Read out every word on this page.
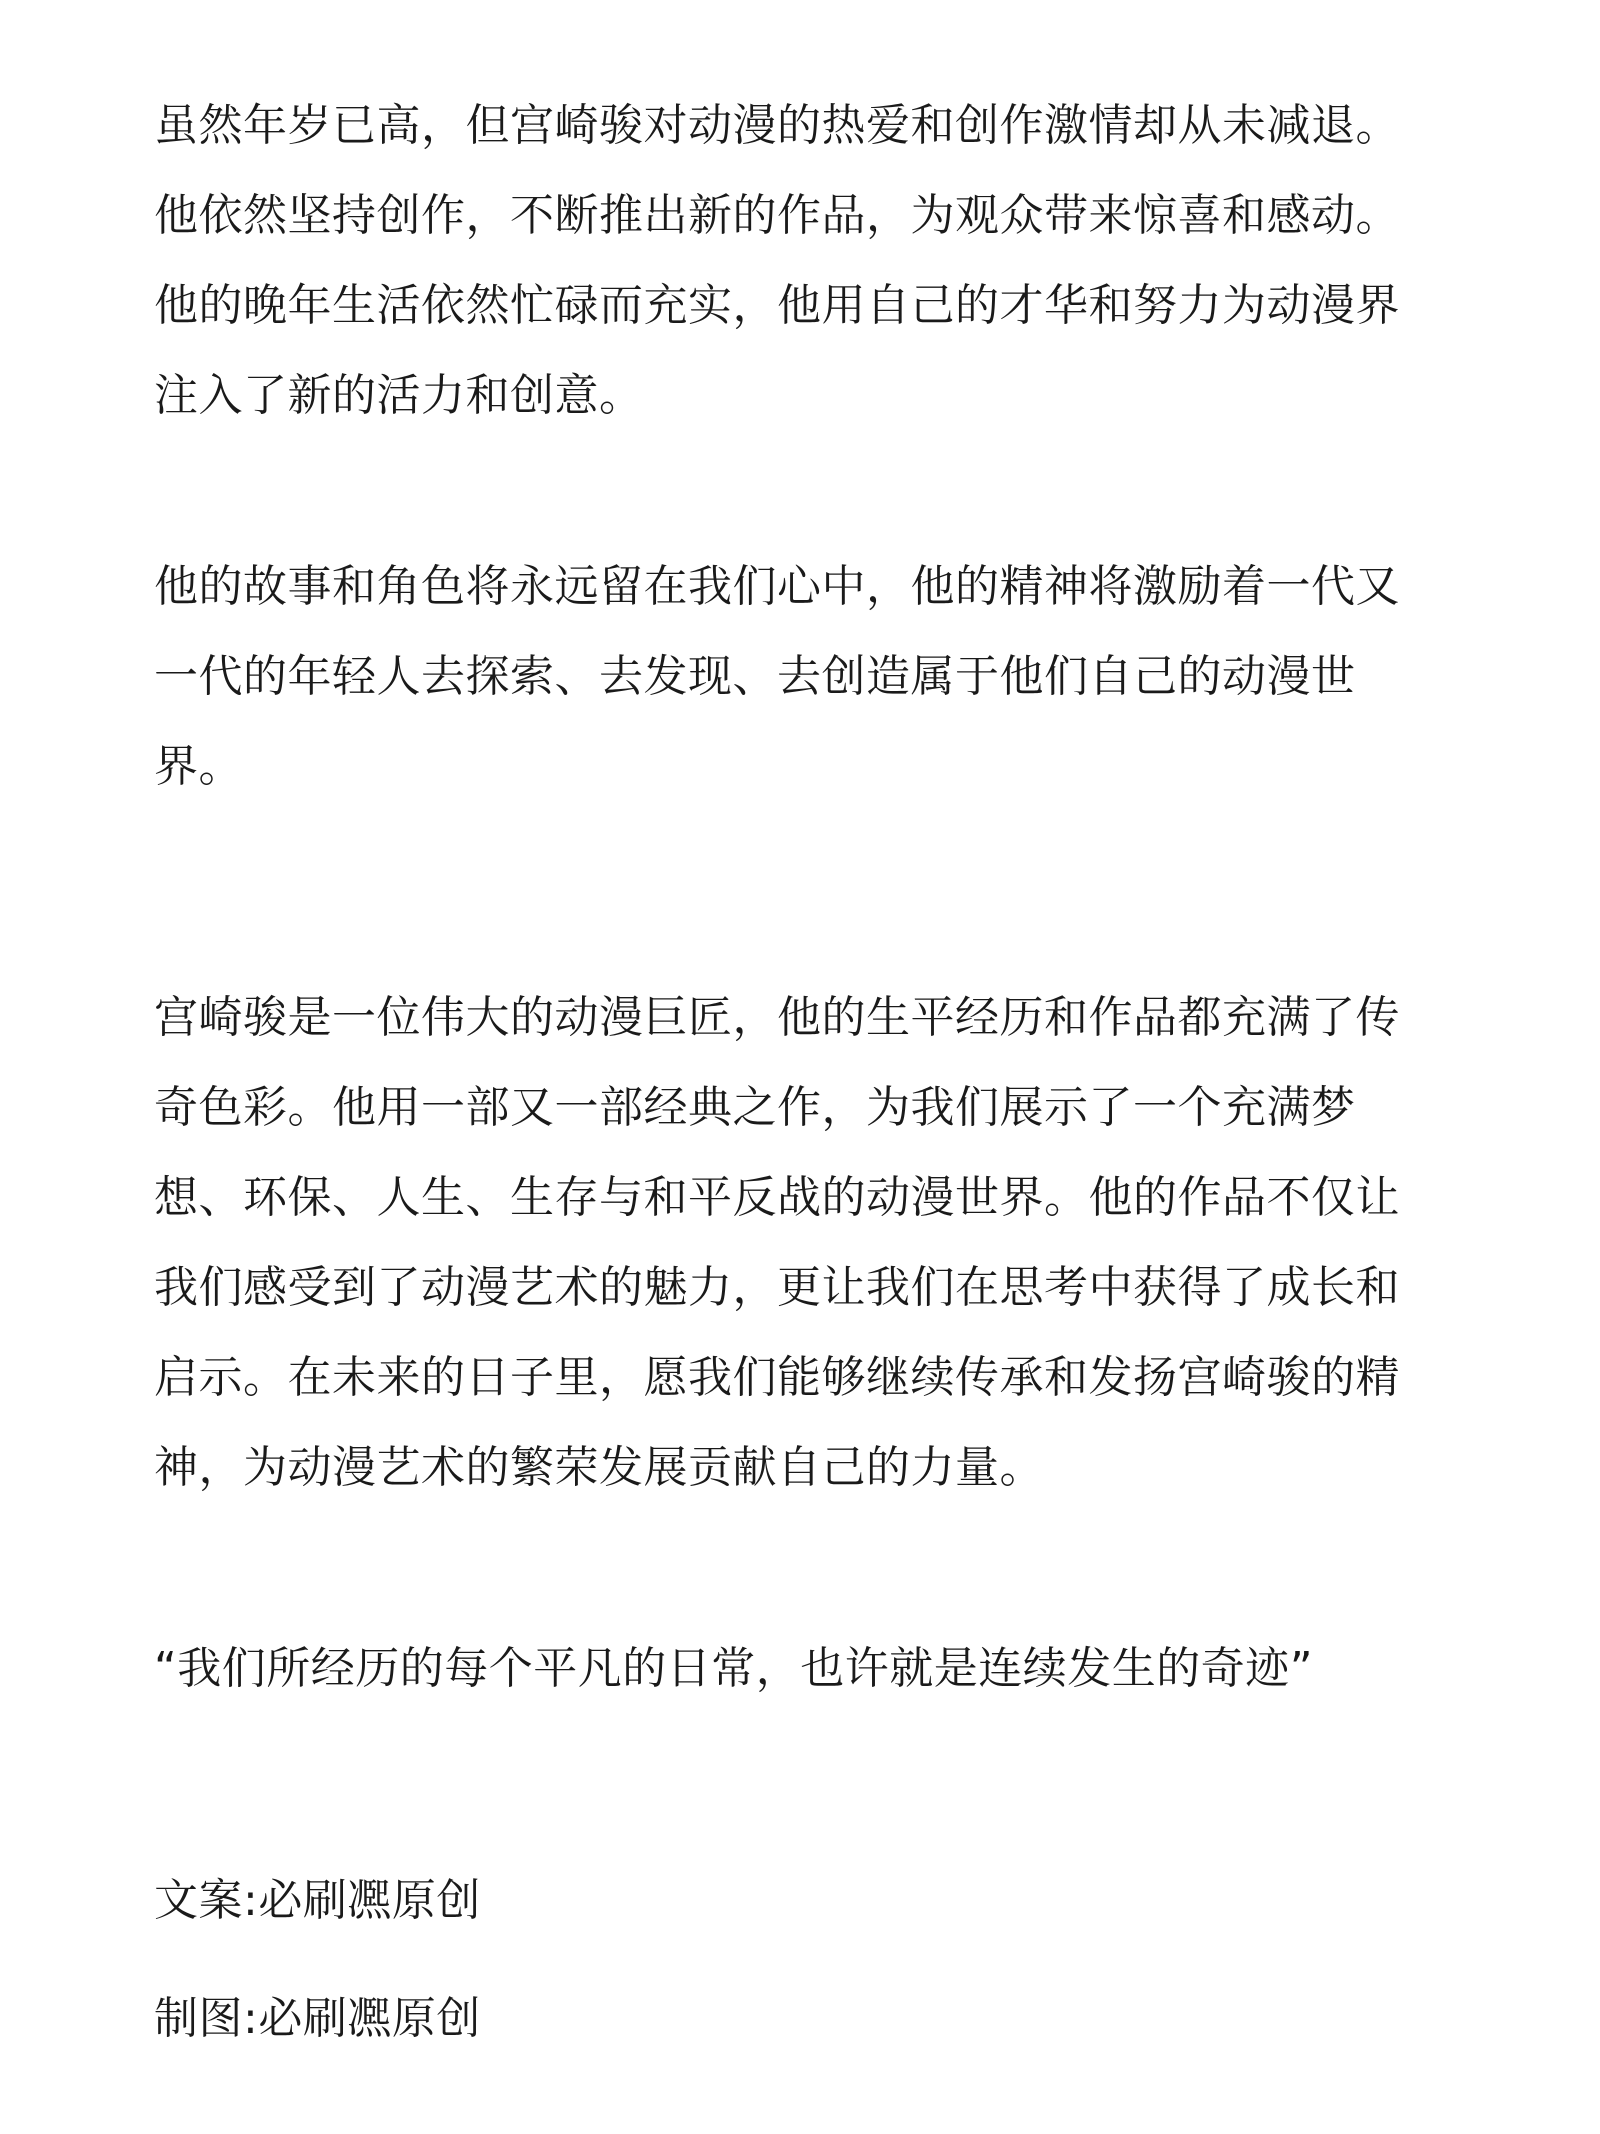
虽然年岁已高，但宫崎骏对动漫的热爱和创作激情却从未减退。
他依然坚持创作，不断推出新的作品，为观众带来惊喜和感动。
他的晚年生活依然忙碌而充实，他用自己的才华和努力为动漫界
注入了新的活力和创意。
他的故事和角色将永远留在我们心中，他的精神将激励着一代又
一代的年轻人去探索、去发现、去创造属于他们自己的动漫世
界。
宫崎骏是一位伟大的动漫巨匠，他的生平经历和作品都充满了传
奇色彩。他用一部又一部经典之作，为我们展示了一个充满梦
想、环保、人生、生存与和平反战的动漫世界。他的作品不仅让
我们感受到了动漫艺术的魅力，更让我们在思考中获得了成长和
启示。在未来的日子里，愿我们能够继续传承和发扬宫崎骏的精
神，为动漫艺术的繁荣发展贡献自己的力量。
“我们所经历的每个平凡的日常，也许就是连续发生的奇迹”
文案:必刷凞原创
制图:必刷凞原创
